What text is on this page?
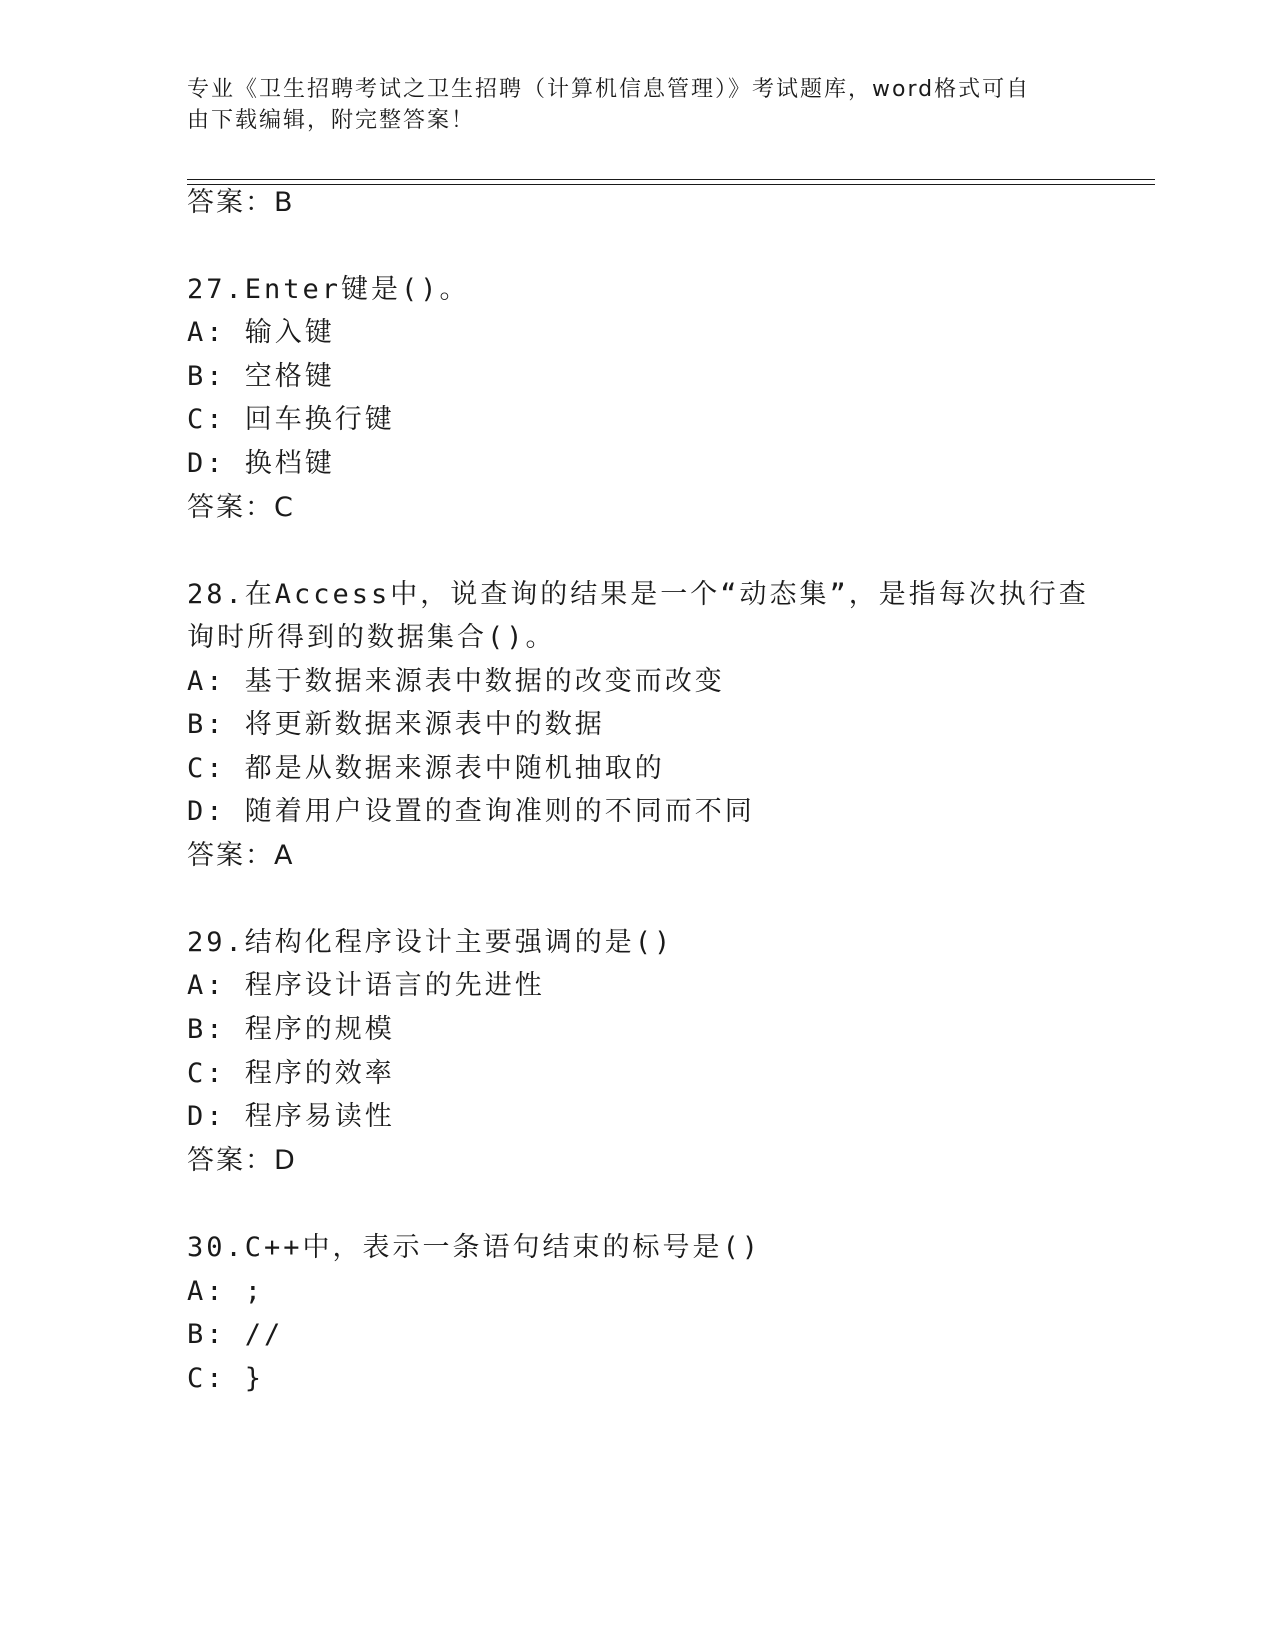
专业《卫生招聘考试之卫生招聘（计算机信息管理）》考试题库，word格式可自
由下载编辑，附完整答案！
答案：B
27.Enter键是()。
A: 输入键
B: 空格键
C: 回车换行键
D: 换档键
答案：C
28.在Access中，说查询的结果是一个“动态集”，是指每次执行查
询时所得到的数据集合()。
A: 基于数据来源表中数据的改变而改变
B: 将更新数据来源表中的数据
C: 都是从数据来源表中随机抽取的
D: 随着用户设置的查询准则的不同而不同
答案：A
29.结构化程序设计主要强调的是()
A: 程序设计语言的先进性
B: 程序的规模
C: 程序的效率
D: 程序易读性
答案：D
30.C++中，表示一条语句结束的标号是()
A: ;
B: //
C: }
